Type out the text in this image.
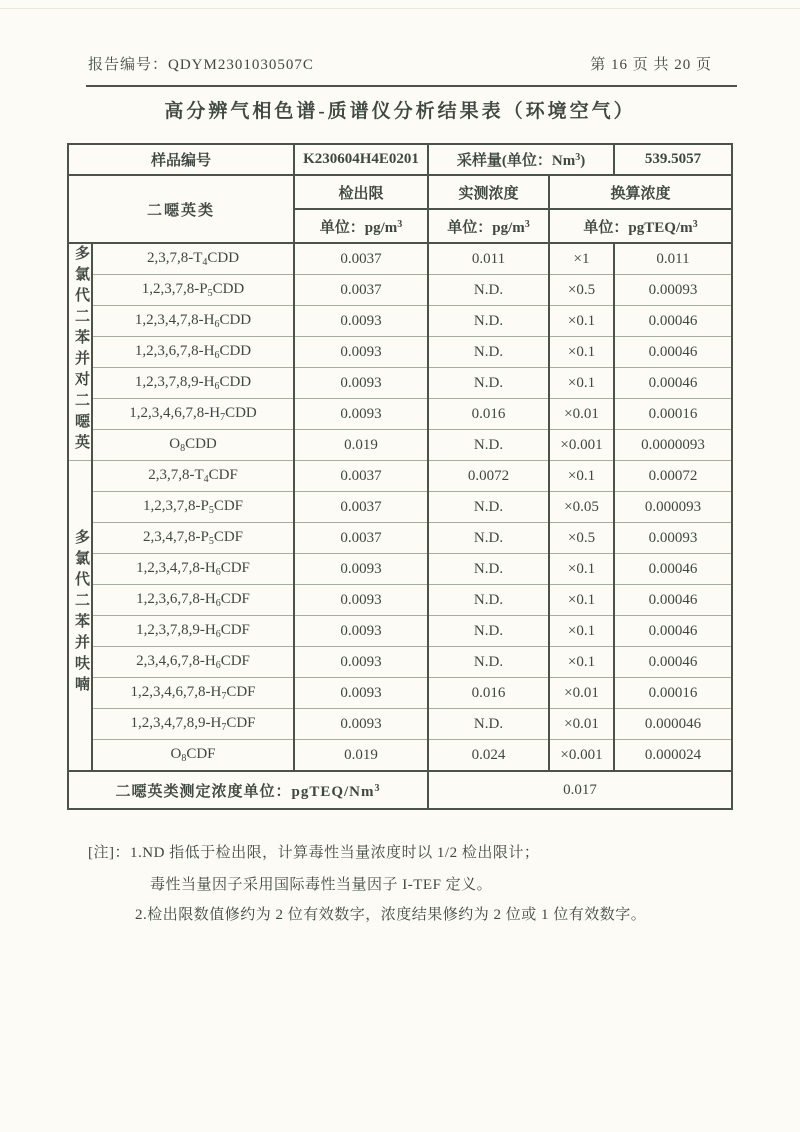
报告编号：QDYM2301030507C	第 16 页 共 20 页
高分辨气相色谱-质谱仪分析结果表（环境空气）
样品编号		K230604H4E0201	采样量(单位：Nm$^3$)		539.5057
二噁英类		检出限	实测浓度	换算浓度	
		单位：$pg/m^3$	单位：$pg/m^3$	单位：pgTEQ/$m^3$
多氯代二苯并对二噁英	$2,3,7,8-T_4CDD$	0.0037	0.011	×1	0.011
	$1,2,3,7,8-P_5CDD$	0.0037	N.D.	×0.5	0.00093
	$1,2,3,4,7,8-H_6CDD$	0.0093	N.D.	×0.1	0.00046
	$1,2,3,6,7,8-H_6CDD$	0.0093	N.D.	×0.1	0.00046
	$1,2,3,7,8,9-H_6CDD$	0.0093	N.D.	×0.1	0.00046
	$1,2,3,4,6,7,8-H_7CDD$	0.0093	0.016	×0.01	0.00016
	$O_8CDD$	0.019	N.D.	×0.001	0.0000093
多氯代二苯并呋喃	$2,3,7,8-T_4CDF$	0.0037	0.0072	×0.1	0.00072
	$1,2,3,7,8-P_5CDF$	0.0037	N.D.	×0.05	0.000093
	$2,3,4,7,8-P_5CDF$	0.0037	N.D.	×0.5	0.00093
	$1,2,3,4,7,8-H_6CDF$	0.0093	N.D.	×0.1	0.00046
	$1,2,3,6,7,8-H_6CDF$	0.0093	N.D.	×0.1	0.00046
	$1,2,3,7,8,9-H_6CDF$	0.0093	N.D.	×0.1	0.00046
	$2,3,4,6,7,8-H_6CDF$	0.0093	N.D.	×0.1	0.00046
	$1,2,3,4,6,7,8-H_7CDF$	0.0093	0.016	×0.01	0.00016
	$1,2,3,4,7,8,9-H_7CDF$	0.0093	N.D.	×0.01	0.000046
	$O_8CDF$	0.019	0.024	×0.001	0.000024
二噁英类测定浓度单位：pgTEQ/Nm$^3$			0.017		

[注]：1.ND 指低于检出限，计算毒性当量浓度时以 1/2 检出限计；

毒性当量因子采用国际毒性当量因子 I-TEF 定义。

2.检出限数值修约为 2 位有效数字，浓度结果修约为 2 位或 1 位有效数字。
